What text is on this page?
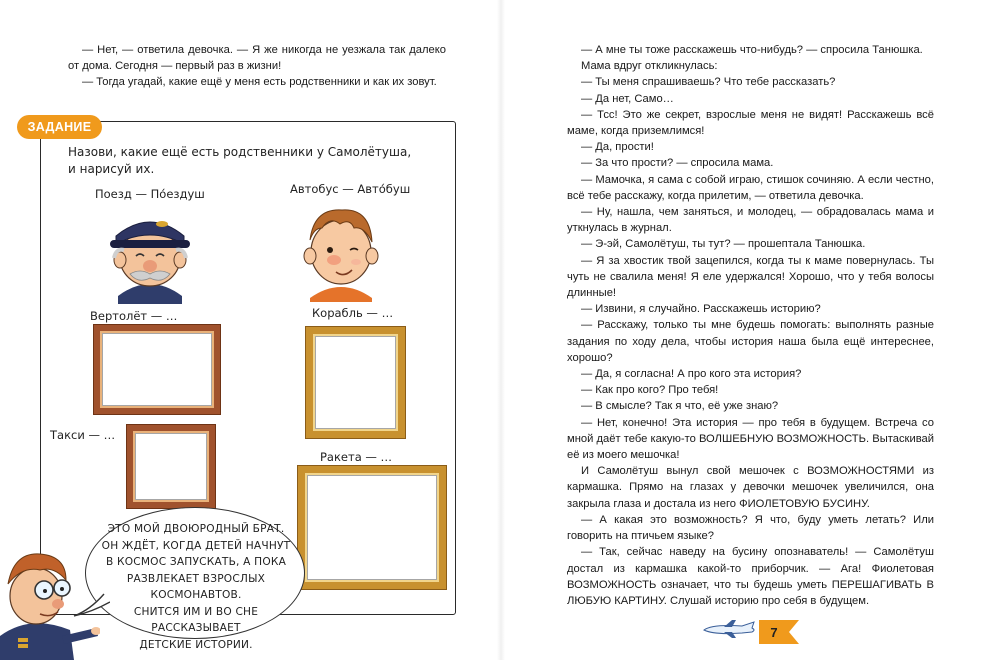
— Нет, — ответила девочка. — Я же никогда не уезжала так далеко от дома. Сегодня — первый раз в жизни!

— Тогда угадай, какие ещё у меня есть родственники и как их зовут.

ЗАДАНИЕ
Назови, какие ещё есть родственники у Самолётуша,
и нарисуй их.
Поезд — По́ездуш	Автобус — Авто́буш
Вертолёт — …	Корабль — …
Такси — …
Ракета — …
ЭТО МОЙ ДВОЮРОДНЫЙ БРАТ.
ОН ЖДЁТ, КОГДА ДЕТЕЙ НАЧНУТ
В КОСМОС ЗАПУСКАТЬ, А ПОКА
РАЗВЛЕКАЕТ ВЗРОСЛЫХ КОСМОНАВТОВ.
СНИТСЯ ИМ И ВО СНЕ РАССКАЗЫВАЕТ
ДЕТСКИЕ ИСТОРИИ.

— А мне ты тоже расскажешь что-нибудь? — спросила Танюшка.

Мама вдруг откликнулась:

— Ты меня спрашиваешь? Что тебе рассказать?

— Да нет, Само…

— Тсс! Это же секрет, взрослые меня не видят! Расскажешь всё маме, когда приземлимся!

— Да, прости!

— За что прости? — спросила мама.

— Мамочка, я сама с собой играю, стишок сочиняю. А если честно, всё тебе расскажу, когда прилетим, — ответила девочка.

— Ну, нашла, чем заняться, и молодец, — обрадовалась мама и уткнулась в журнал.

— Э-эй, Самолётуш, ты тут? — прошептала Танюшка.

— Я за хвостик твой зацепился, когда ты к маме повернулась. Ты чуть не свалила меня! Я еле удержался! Хорошо, что у тебя волосы длинные!

— Извини, я случайно. Расскажешь историю?

— Расскажу, только ты мне будешь помогать: выполнять разные задания по ходу дела, чтобы история наша была ещё интереснее, хорошо?

— Да, я согласна! А про кого эта история?

— Как про кого? Про тебя!

— В смысле? Так я что, её уже знаю?

— Нет, конечно! Эта история — про тебя в будущем. Встреча со мной даёт тебе какую-то ВОЛШЕБНУЮ ВОЗМОЖНОСТЬ. Вытаскивай её из моего мешочка!

И Самолётуш вынул свой мешочек с ВОЗМОЖНОСТЯМИ из кармашка. Прямо на глазах у девочки мешочек увеличился, она закрыла глаза и достала из него ФИОЛЕТОВУЮ БУСИНУ.

— А какая это возможность? Я что, буду уметь летать? Или говорить на птичьем языке?

— Так, сейчас наведу на бусину опознаватель! — Самолётуш достал из кармашка какой-то приборчик. — Ага! Фиолетовая ВОЗМОЖНОСТЬ означает, что ты будешь уметь ПЕРЕШАГИВАТЬ В ЛЮБУЮ КАРТИНУ. Слушай историю про себя в будущем.

7
